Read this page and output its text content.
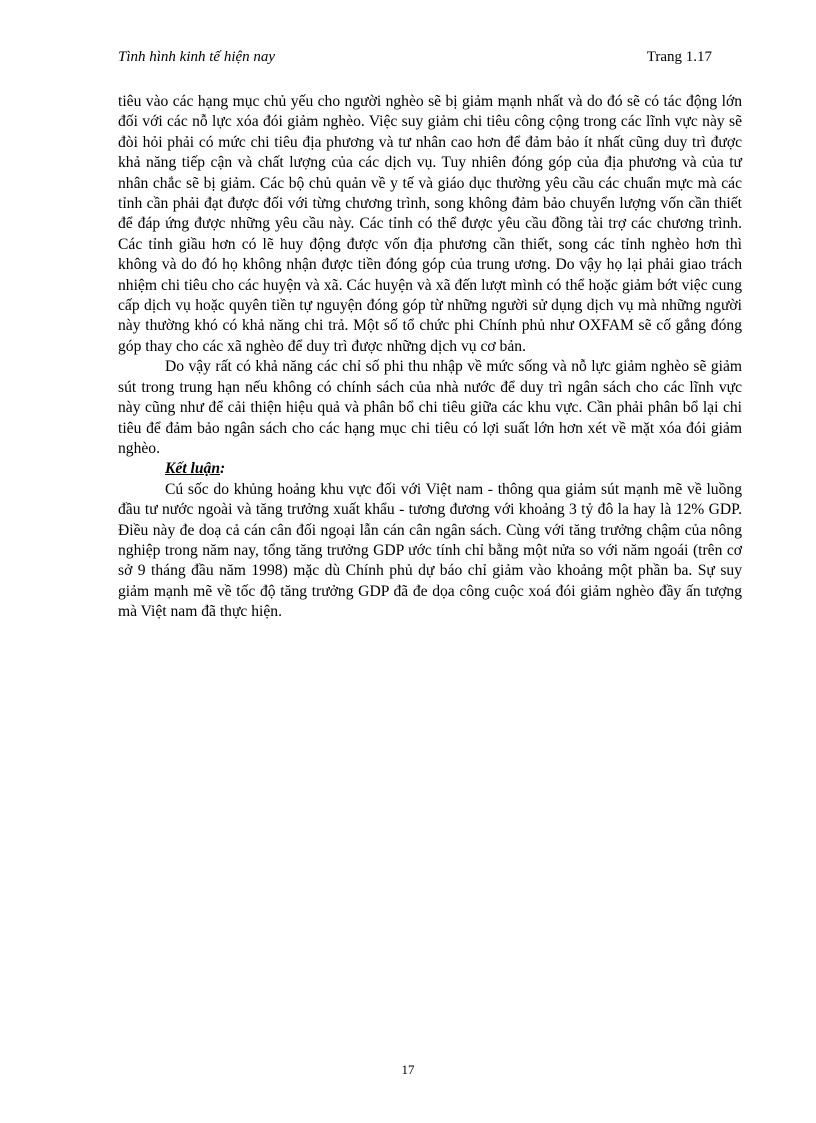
Tình hình kinh tế hiện nay	Trang 1.17

tiêu vào các hạng mục chủ yếu cho người nghèo sẽ bị giảm mạnh nhất và do đó sẽ có tác động lớn đối với các nỗ lực xóa đói giảm nghèo. Việc suy giảm chi tiêu công cộng trong các lĩnh vực này sẽ đòi hỏi phải có mức chi tiêu địa phương và tư nhân cao hơn để đảm bảo ít nhất cũng duy trì được khả năng tiếp cận và chất lượng của các dịch vụ. Tuy nhiên đóng góp của địa phương và của tư nhân chắc sẽ bị giảm. Các bộ chủ quản về y tế và giáo dục thường yêu cầu các chuẩn mực mà các tỉnh cần phải đạt được đối với từng chương trình, song không đảm bảo chuyển lượng vốn cần thiết để đáp ứng được những yêu cầu này. Các tỉnh có thể được yêu cầu đồng tài trợ các chương trình. Các tỉnh giầu hơn có lẽ huy động được vốn địa phương cần thiết, song các tỉnh nghèo hơn thì không và do đó họ không nhận được tiền đóng góp của trung ương. Do vậy họ lại phải giao trách nhiệm chi tiêu cho các huyện và xã. Các huyện và xã đến lượt mình có thể hoặc giảm bớt việc cung cấp dịch vụ hoặc quyên tiền tự nguyện đóng góp từ những người sử dụng dịch vụ mà những người này thường khó có khả năng chi trả. Một số tổ chức phi Chính phủ như OXFAM sẽ cố gắng đóng góp thay cho các xã nghèo để duy trì được những dịch vụ cơ bản.

Do vậy rất có khả năng các chỉ số phi thu nhập về mức sống và nỗ lực giảm nghèo sẽ giảm sút trong trung hạn nếu không có chính sách của nhà nước để duy trì ngân sách cho các lĩnh vực này cũng như để cải thiện hiệu quả và phân bổ chi tiêu giữa các khu vực. Cần phải phân bổ lại chi tiêu để đảm bảo ngân sách cho các hạng mục chi tiêu có lợi suất lớn hơn xét về mặt xóa đói giảm nghèo.

Kết luận:

Cú sốc do khủng hoảng khu vực đối với Việt nam - thông qua giảm sút mạnh mẽ về luồng đầu tư nước ngoài và tăng trưởng xuất khẩu - tương đương với khoảng 3 tỷ đô la hay là 12% GDP. Điều này đe doạ cả cán cân đối ngoại lẫn cán cân ngân sách. Cùng với tăng trưởng chậm của nông nghiệp trong năm nay, tổng tăng trưởng GDP ước tính chỉ bằng một nửa so với năm ngoái (trên cơ sở 9 tháng đầu năm 1998) mặc dù Chính phủ dự báo chỉ giảm vào khoảng một phần ba. Sự suy giảm mạnh mẽ về tốc độ tăng trưởng GDP đã đe dọa công cuộc xoá đói giảm nghèo đầy ấn tượng mà Việt nam đã thực hiện.

17
